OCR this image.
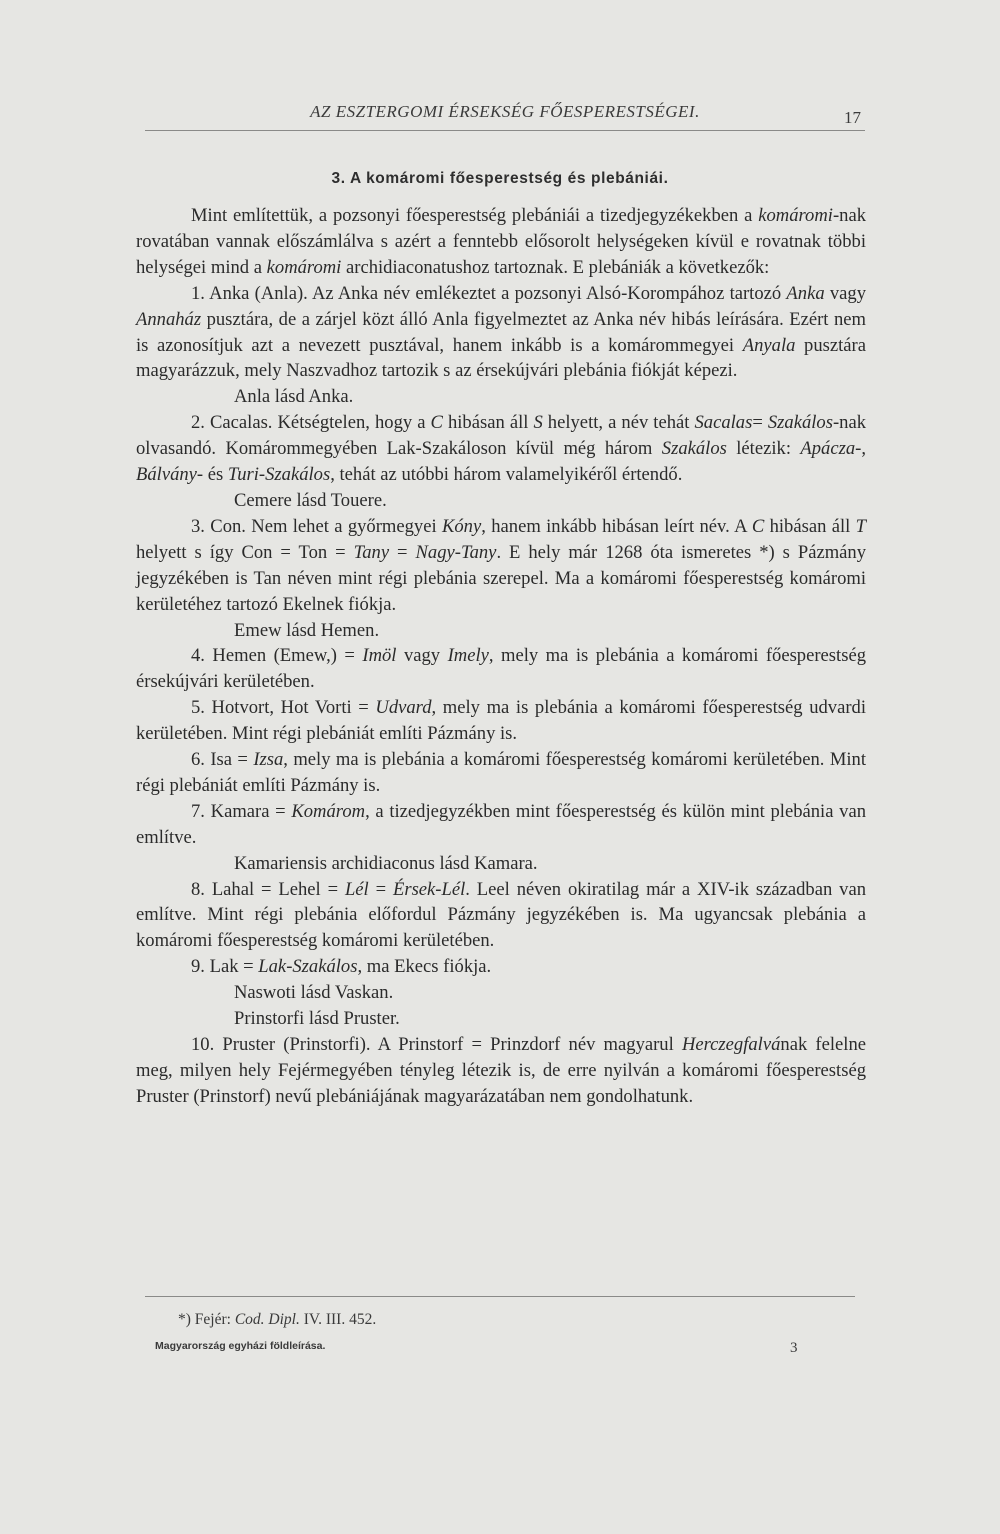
AZ ESZTERGOMI ÉRSEKSÉG FŐESPERESTSÉGEI.	17
3. A komáromi főesperestség és plebániái.

Mint említettük, a pozsonyi főesperestség plebániái a tizedjegyzékekben a komáromi-nak rovatában vannak előszámlálva s azért a fenntebb elősorolt helységeken kívül e rovatnak többi helységei mind a komáromi archidiaconatushoz tartoznak. E plebániák a következők:

1. Anka (Anla). Az Anka név emlékeztet a pozsonyi Alsó-Korompához tartozó Anka vagy Annaház pusztára, de a zárjel közt álló Anla figyelmeztet az Anka név hibás leírására. Ezért nem is azonosítjuk azt a nevezett pusztával, hanem inkább is a komárommegyei Anyala pusztára magyarázzuk, mely Naszvadhoz tartozik s az érsekújvári plebánia fiókját képezi.

Anla lásd Anka.

2. Cacalas. Kétségtelen, hogy a C hibásan áll S helyett, a név tehát Sacalas= Szakálos-nak olvasandó. Komárommegyében Lak-Szakáloson kívül még három Szakálos létezik: Apácza-, Bálvány- és Turi-Szakálos, tehát az utóbbi három valamelyikéről értendő.

Cemere lásd Touere.

3. Con. Nem lehet a győrmegyei Kóny, hanem inkább hibásan leírt név. A C hibásan áll T helyett s így Con = Ton = Tany = Nagy-Tany. E hely már 1268 óta ismeretes *) s Pázmány jegyzékében is Tan néven mint régi plebánia szerepel. Ma a komáromi főesperestség komáromi kerületéhez tartozó Ekelnek fiókja.

Emew lásd Hemen.

4. Hemen (Emew,) = Imöl vagy Imely, mely ma is plebánia a komáromi főesperestség érsekújvári kerületében.

5. Hotvort, Hot Vorti = Udvard, mely ma is plebánia a komáromi főesperestség udvardi kerületében. Mint régi plebániát említi Pázmány is.

6. Isa = Izsa, mely ma is plebánia a komáromi főesperestség komáromi kerületében. Mint régi plebániát említi Pázmány is.

7. Kamara = Komárom, a tizedjegyzékben mint főesperestség és külön mint plebánia van említve.

Kamariensis archidiaconus lásd Kamara.

8. Lahal = Lehel = Lél = Érsek-Lél. Leel néven okiratilag már a XIV-ik században van említve. Mint régi plebánia előfordul Pázmány jegyzékében is. Ma ugyancsak plebánia a komáromi főesperestség komáromi kerületében.

9. Lak = Lak-Szakálos, ma Ekecs fiókja.

Naswoti lásd Vaskan.

Prinstorfi lásd Pruster.

10. Pruster (Prinstorfi). A Prinstorf = Prinzdorf név magyarul Herczegfalvának felelne meg, milyen hely Fejérmegyében tényleg létezik is, de erre nyilván a komáromi főesperestség Pruster (Prinstorf) nevű plebániájának magyarázatában nem gondolhatunk.

*) Fejér: Cod. Dipl. IV. III. 452.
Magyarország egyházi földleírása.	3
